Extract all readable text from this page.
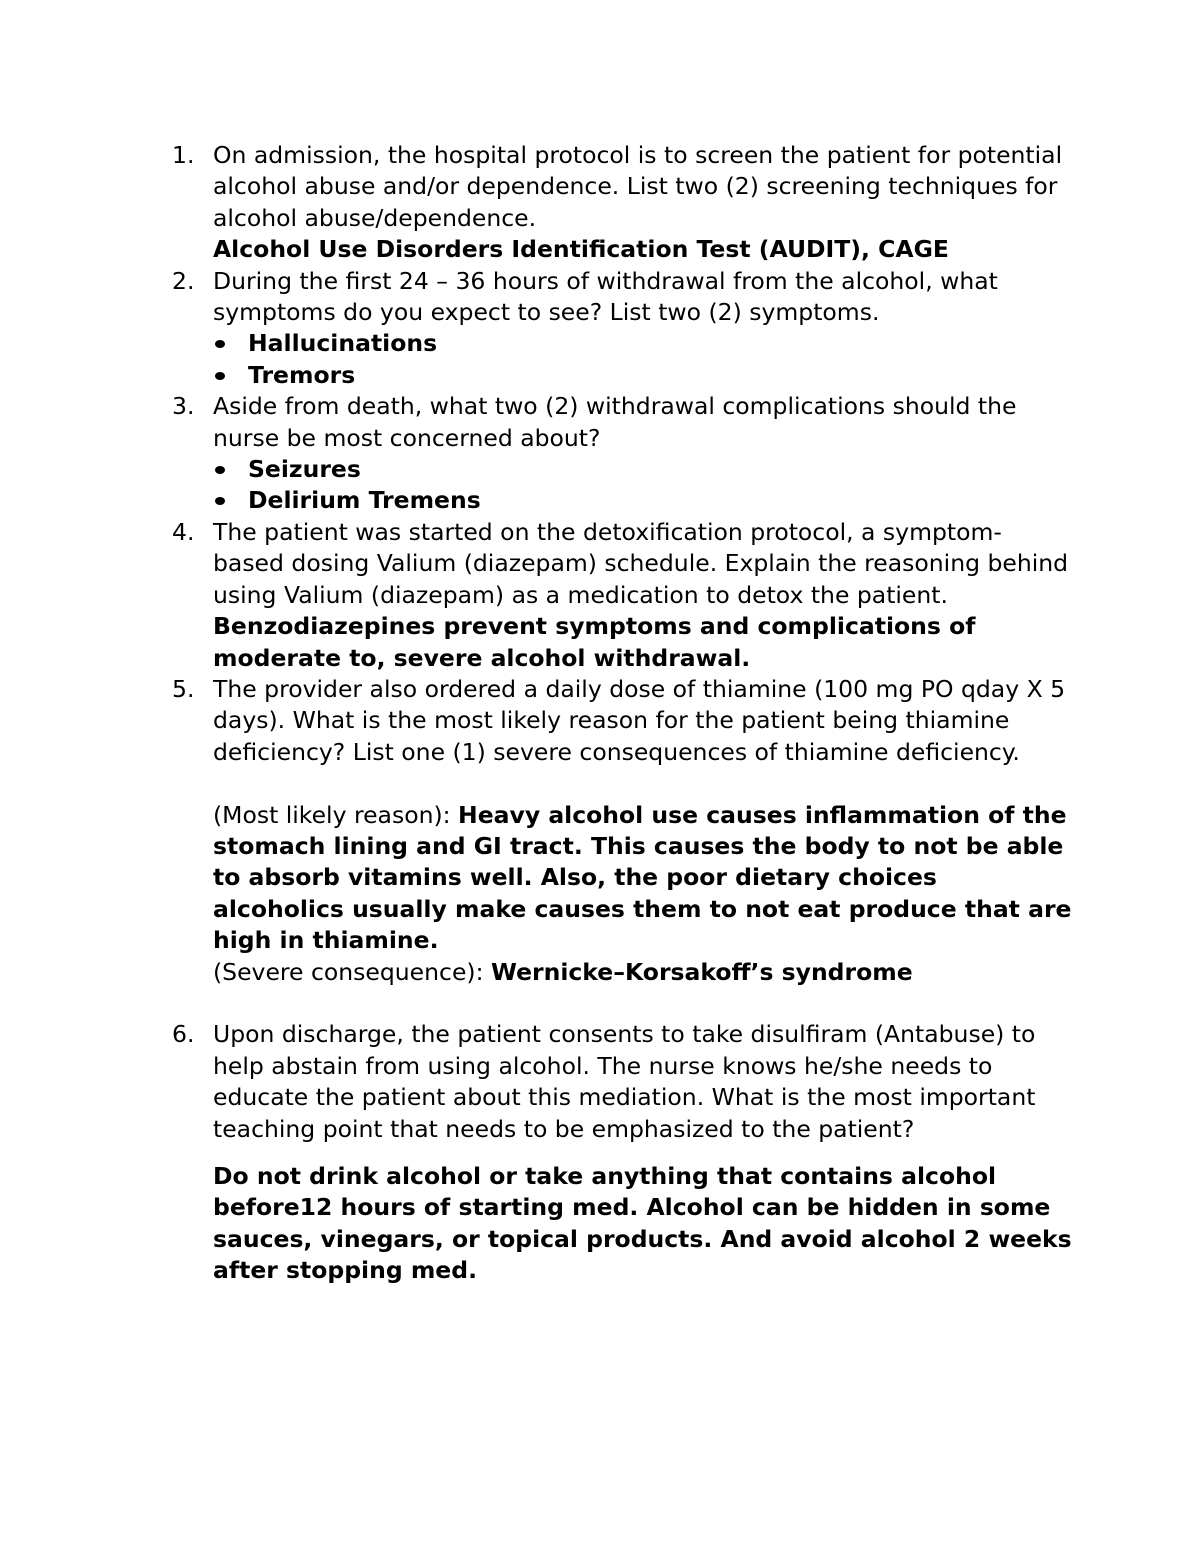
1. On admission, the hospital protocol is to screen the patient for potential alcohol abuse and/or dependence. List two (2) screening techniques for alcohol abuse/dependence.
Alcohol Use Disorders Identification Test (AUDIT), CAGE
2. During the first 24 – 36 hours of withdrawal from the alcohol, what symptoms do you expect to see? List two (2) symptoms.
Hallucinations
Tremors
3. Aside from death, what two (2) withdrawal complications should the nurse be most concerned about?
Seizures
Delirium Tremens
4. The patient was started on the detoxification protocol, a symptom-based dosing Valium (diazepam) schedule. Explain the reasoning behind using Valium (diazepam) as a medication to detox the patient.
Benzodiazepines prevent symptoms and complications of moderate to, severe alcohol withdrawal.
5. The provider also ordered a daily dose of thiamine (100 mg PO qday X 5 days). What is the most likely reason for the patient being thiamine deficiency? List one (1) severe consequences of thiamine deficiency.
(Most likely reason): Heavy alcohol use causes inflammation of the stomach lining and GI tract. This causes the body to not be able to absorb vitamins well. Also, the poor dietary choices alcoholics usually make causes them to not eat produce that are high in thiamine.
(Severe consequence): Wernicke–Korsakoff’s syndrome
6. Upon discharge, the patient consents to take disulfiram (Antabuse) to help abstain from using alcohol. The nurse knows he/she needs to educate the patient about this mediation. What is the most important teaching point that needs to be emphasized to the patient?
Do not drink alcohol or take anything that contains alcohol before12 hours of starting med. Alcohol can be hidden in some sauces, vinegars, or topical products. And avoid alcohol 2 weeks after stopping med.
